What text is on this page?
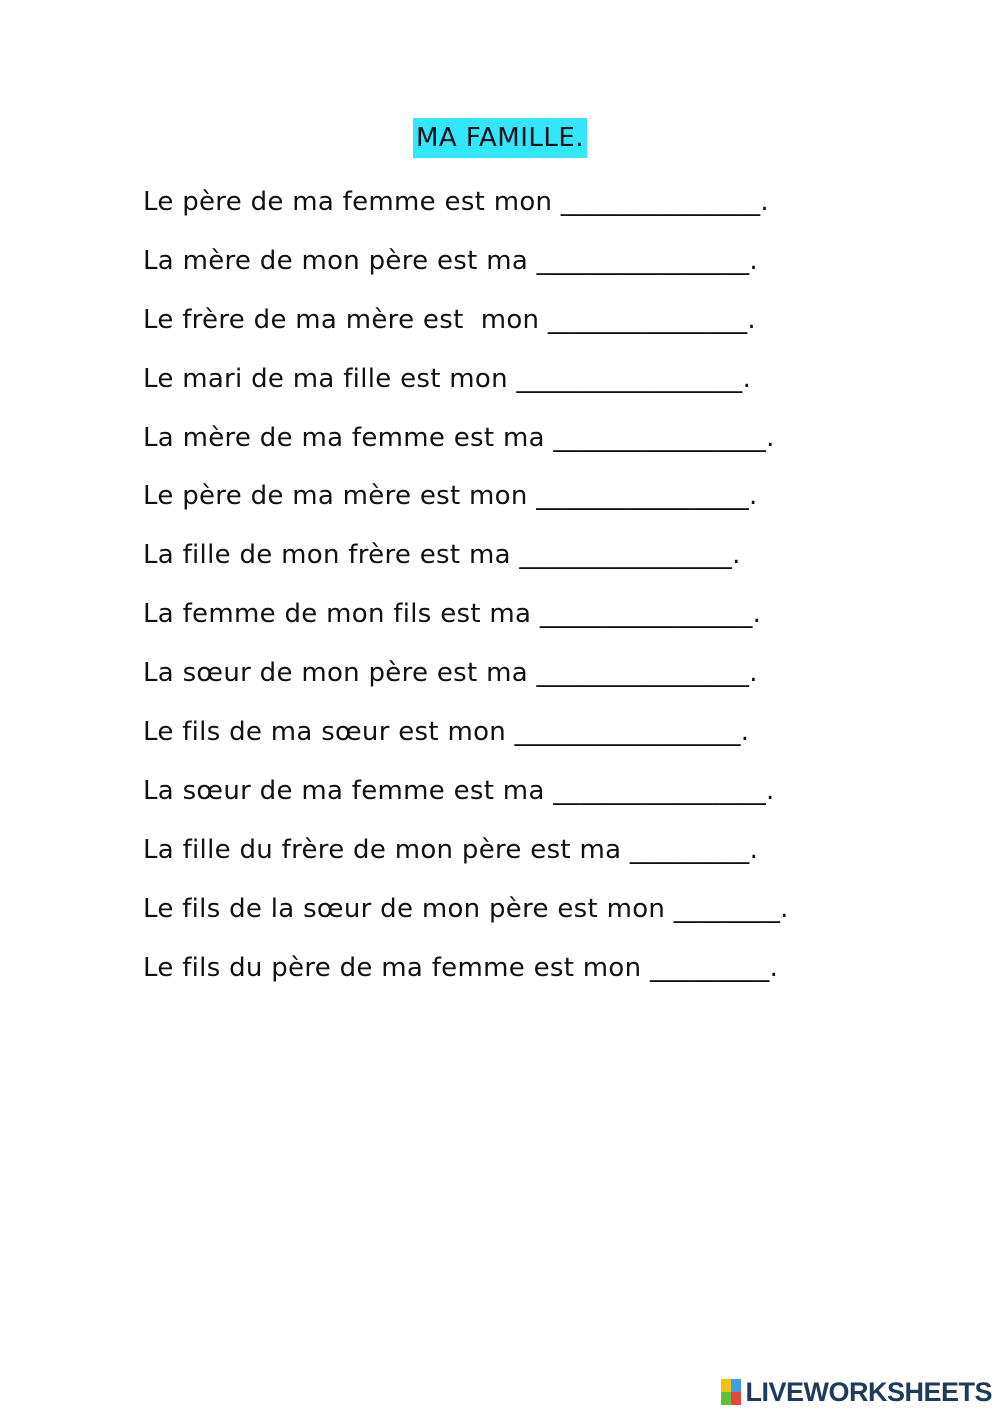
MA FAMILLE.
Le père de ma femme est mon _______________.
La mère de mon père est ma ________________.
Le frère de ma mère est  mon _______________.
Le mari de ma fille est mon _________________.
La mère de ma femme est ma ________________.
Le père de ma mère est mon ________________.
La fille de mon frère est ma ________________.
La femme de mon fils est ma ________________.
La sœur de mon père est ma ________________.
Le fils de ma sœur est mon _________________.
La sœur de ma femme est ma ________________.
La fille du frère de mon père est ma _________.
Le fils de la sœur de mon père est mon ________.
Le fils du père de ma femme est mon _________.
LIVEWORKSHEETS
